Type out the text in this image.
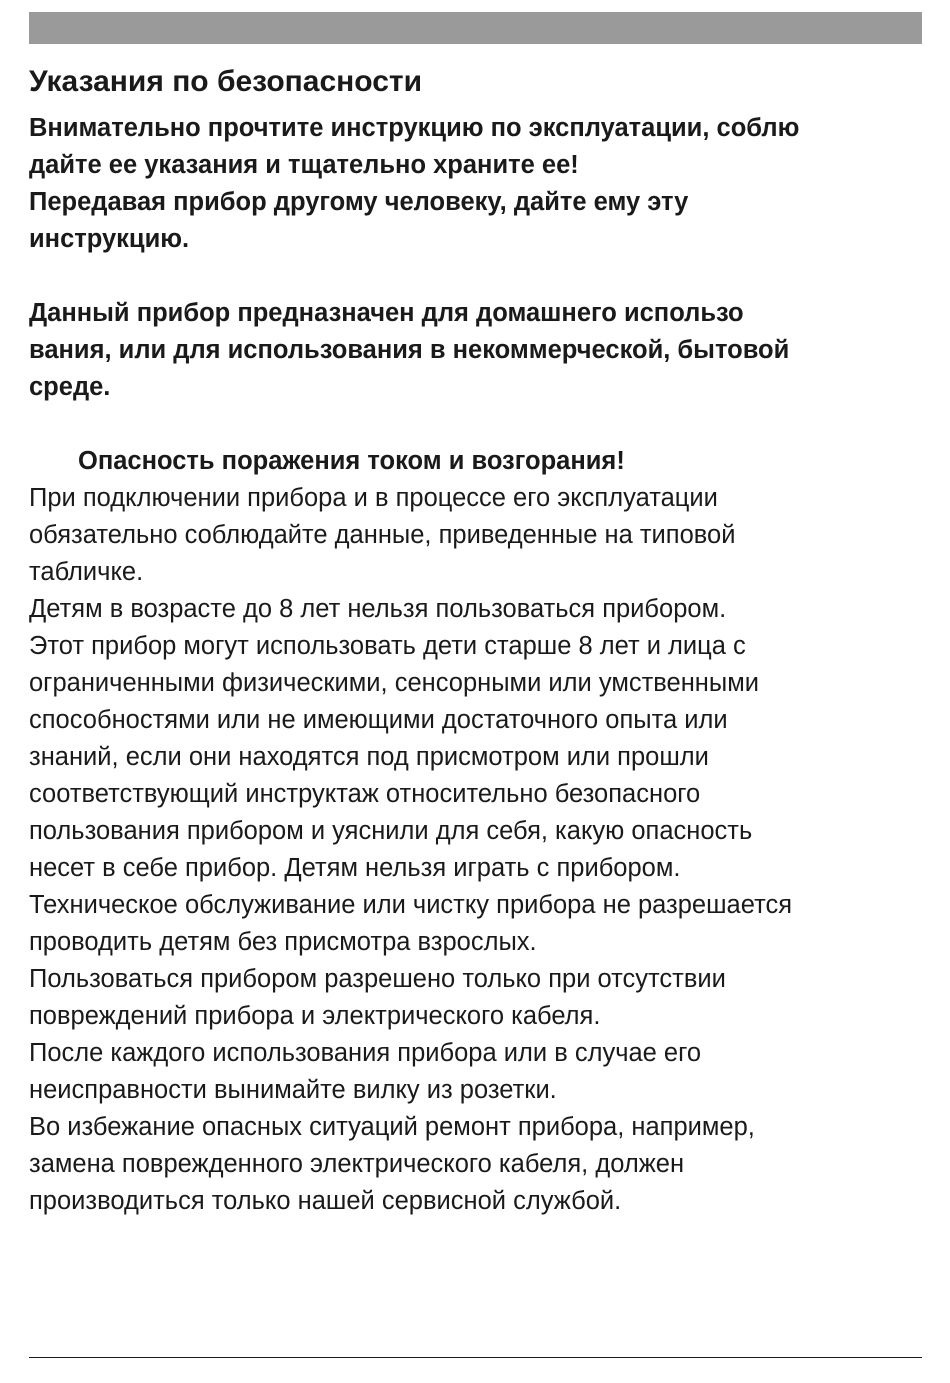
Указания по безопасности

Внимательно прочтите инструкцию по эксплуатации, соблю
дайте ее указания и тщательно храните ее!
Передавая прибор другому человеку, дайте ему эту
инструкцию.

Данный прибор предназначен для домашнего использо
вания, или для использования в некоммерческой, бытовой
среде.

Опасность поражения током и возгорания!

При подключении прибора и в процессе его эксплуатации
обязательно соблюдайте данные, приведенные на типовой
табличке.

Детям в возрасте до 8 лет нельзя пользоваться прибором.

Этот прибор могут использовать дети старше 8 лет и лица с
ограниченными физическими, сенсорными или умственными
способностями или не имеющими достаточного опыта или
знаний, если они находятся под присмотром или прошли
соответствующий инструктаж относительно безопасного
пользования прибором и уяснили для себя, какую опасность
несет в себе прибор. Детям нельзя играть с прибором.

Техническое обслуживание или чистку прибора не разрешается
проводить детям без присмотра взрослых.

Пользоваться прибором разрешено только при отсутствии
повреждений прибора и электрического кабеля.

После каждого использования прибора или в случае его
неисправности вынимайте вилку из розетки.

Во избежание опасных ситуаций ремонт прибора, например,
замена поврежденного электрического кабеля, должен
производиться только нашей сервисной службой.
